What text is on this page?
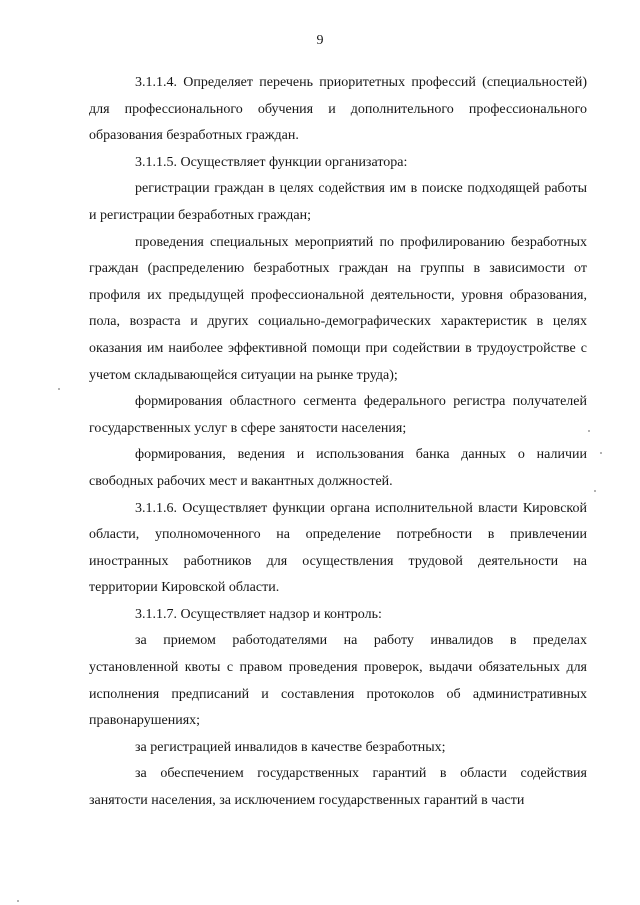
9

3.1.1.4. Определяет перечень приоритетных профессий (специальностей) для профессионального обучения и дополнительного профессионального образования безработных граждан.

3.1.1.5. Осуществляет функции организатора:

регистрации граждан в целях содействия им в поиске подходящей работы и регистрации безработных граждан;

проведения специальных мероприятий по профилированию безработных граждан (распределению безработных граждан на группы в зависимости от профиля их предыдущей профессиональной деятельности, уровня образования, пола, возраста и других социально-демографических характеристик в целях оказания им наиболее эффективной помощи при содействии в трудоустройстве с учетом складывающейся ситуации на рынке труда);

формирования областного сегмента федерального регистра получателей государственных услуг в сфере занятости населения;

формирования, ведения и использования банка данных о наличии свободных рабочих мест и вакантных должностей.

3.1.1.6. Осуществляет функции органа исполнительной власти Кировской области, уполномоченного на определение потребности в привлечении иностранных работников для осуществления трудовой деятельности на территории Кировской области.

3.1.1.7. Осуществляет надзор и контроль:

за приемом работодателями на работу инвалидов в пределах установленной квоты с правом проведения проверок, выдачи обязательных для исполнения предписаний и составления протоколов об административных правонарушениях;

за регистрацией инвалидов в качестве безработных;

за обеспечением государственных гарантий в области содействия занятости населения, за исключением государственных гарантий в части
